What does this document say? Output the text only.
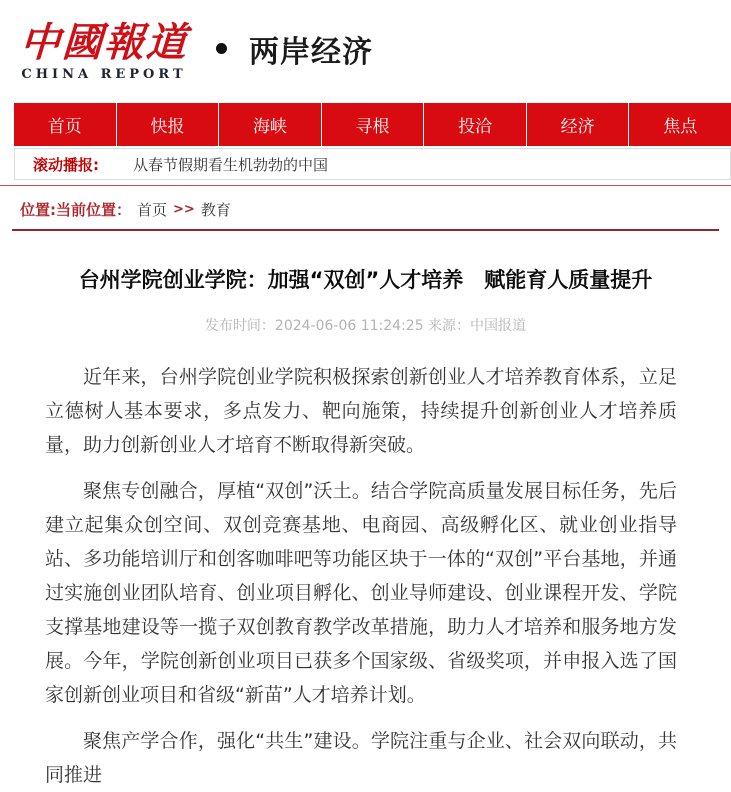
中國報道
CHINA REPORT
两岸经济
首页	快报	海峡	寻根	投洽	经济	焦点
滚动播报: 从春节假期看生机勃勃的中国
位置:当前位置： 首页 >> 教育
台州学院创业学院：加强“双创”人才培养　赋能育人质量提升
发布时间：2024-06-06 11:24:25 来源：中国报道

近年来，台州学院创业学院积极探索创新创业人才培养教育体系，立足立德树人基本要求，多点发力、靶向施策，持续提升创新创业人才培养质量，助力创新创业人才培育不断取得新突破。

聚焦专创融合，厚植“双创”沃土。结合学院高质量发展目标任务，先后建立起集众创空间、双创竞赛基地、电商园、高级孵化区、就业创业指导站、多功能培训厅和创客咖啡吧等功能区块于一体的“双创”平台基地，并通过实施创业团队培育、创业项目孵化、创业导师建设、创业课程开发、学院支撑基地建设等一揽子双创教育教学改革措施，助力人才培养和服务地方发展。今年，学院创新创业项目已获多个国家级、省级奖项，并申报入选了国家创新创业项目和省级“新苗”人才培养计划。

聚焦产学合作，强化“共生”建设。学院注重与企业、社会双向联动，共同推进
